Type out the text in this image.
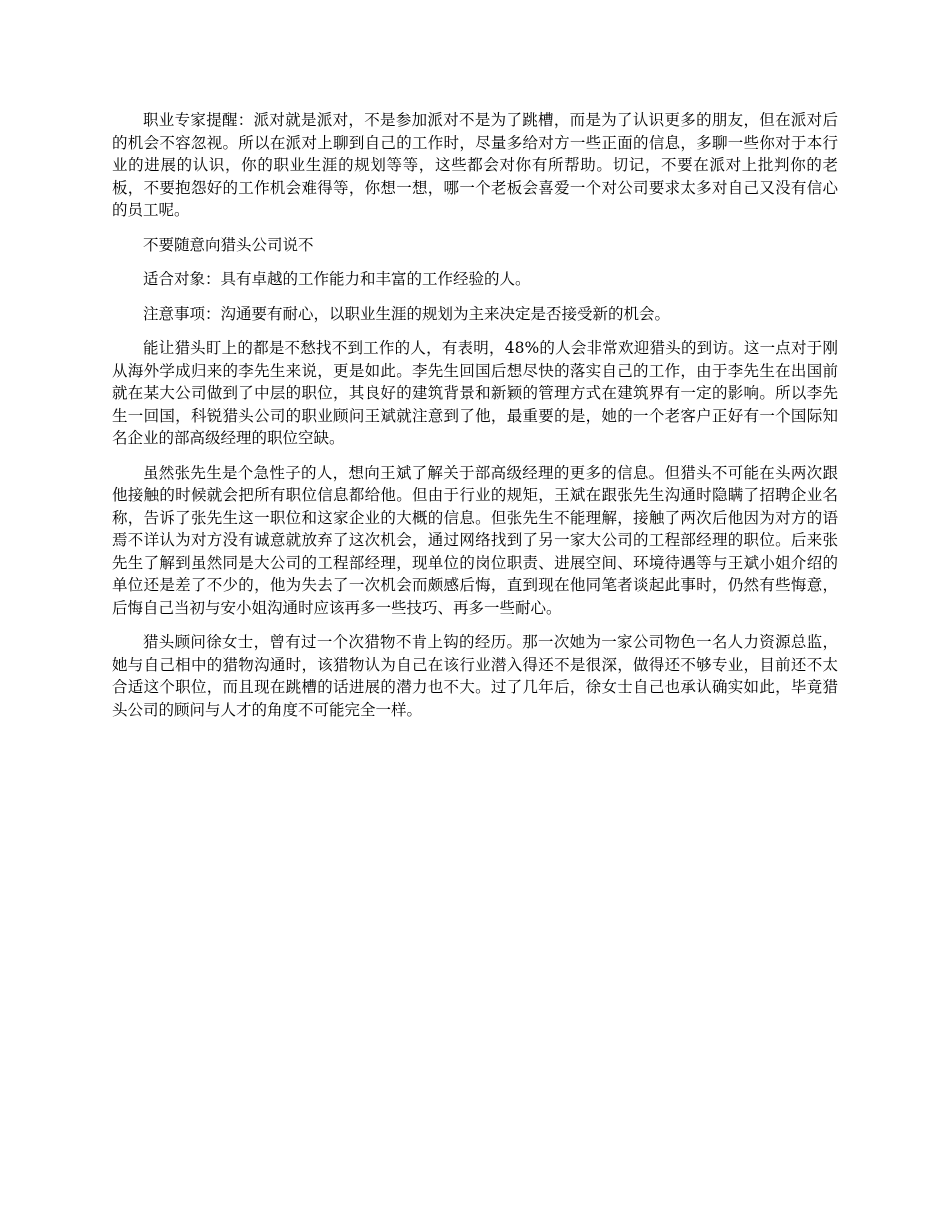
职业专家提醒：派对就是派对，不是参加派对不是为了跳槽，而是为了认识更多的朋友，但在派对后的机会不容忽视。所以在派对上聊到自己的工作时，尽量多给对方一些正面的信息，多聊一些你对于本行业的进展的认识，你的职业生涯的规划等等，这些都会对你有所帮助。切记，不要在派对上批判你的老板，不要抱怨好的工作机会难得等，你想一想，哪一个老板会喜爱一个对公司要求太多对自己又没有信心的员工呢。

不要随意向猎头公司说不

适合对象：具有卓越的工作能力和丰富的工作经验的人。

注意事项：沟通要有耐心，以职业生涯的规划为主来决定是否接受新的机会。

能让猎头盯上的都是不愁找不到工作的人，有表明，48%的人会非常欢迎猎头的到访。这一点对于刚从海外学成归来的李先生来说，更是如此。李先生回国后想尽快的落实自己的工作，由于李先生在出国前就在某大公司做到了中层的职位，其良好的建筑背景和新颖的管理方式在建筑界有一定的影响。所以李先生一回国，科锐猎头公司的职业顾问王斌就注意到了他，最重要的是，她的一个老客户正好有一个国际知名企业的部高级经理的职位空缺。

虽然张先生是个急性子的人，想向王斌了解关于部高级经理的更多的信息。但猎头不可能在头两次跟他接触的时候就会把所有职位信息都给他。但由于行业的规矩，王斌在跟张先生沟通时隐瞒了招聘企业名称，告诉了张先生这一职位和这家企业的大概的信息。但张先生不能理解，接触了两次后他因为对方的语焉不详认为对方没有诚意就放弃了这次机会，通过网络找到了另一家大公司的工程部经理的职位。后来张先生了解到虽然同是大公司的工程部经理，现单位的岗位职责、进展空间、环境待遇等与王斌小姐介绍的单位还是差了不少的，他为失去了一次机会而颇感后悔，直到现在他同笔者谈起此事时，仍然有些悔意，后悔自己当初与安小姐沟通时应该再多一些技巧、再多一些耐心。

猎头顾问徐女士，曾有过一个次猎物不肯上钩的经历。那一次她为一家公司物色一名人力资源总监，她与自己相中的猎物沟通时，该猎物认为自己在该行业潜入得还不是很深，做得还不够专业，目前还不太合适这个职位，而且现在跳槽的话进展的潜力也不大。过了几年后，徐女士自己也承认确实如此，毕竟猎头公司的顾问与人才的角度不可能完全一样。
